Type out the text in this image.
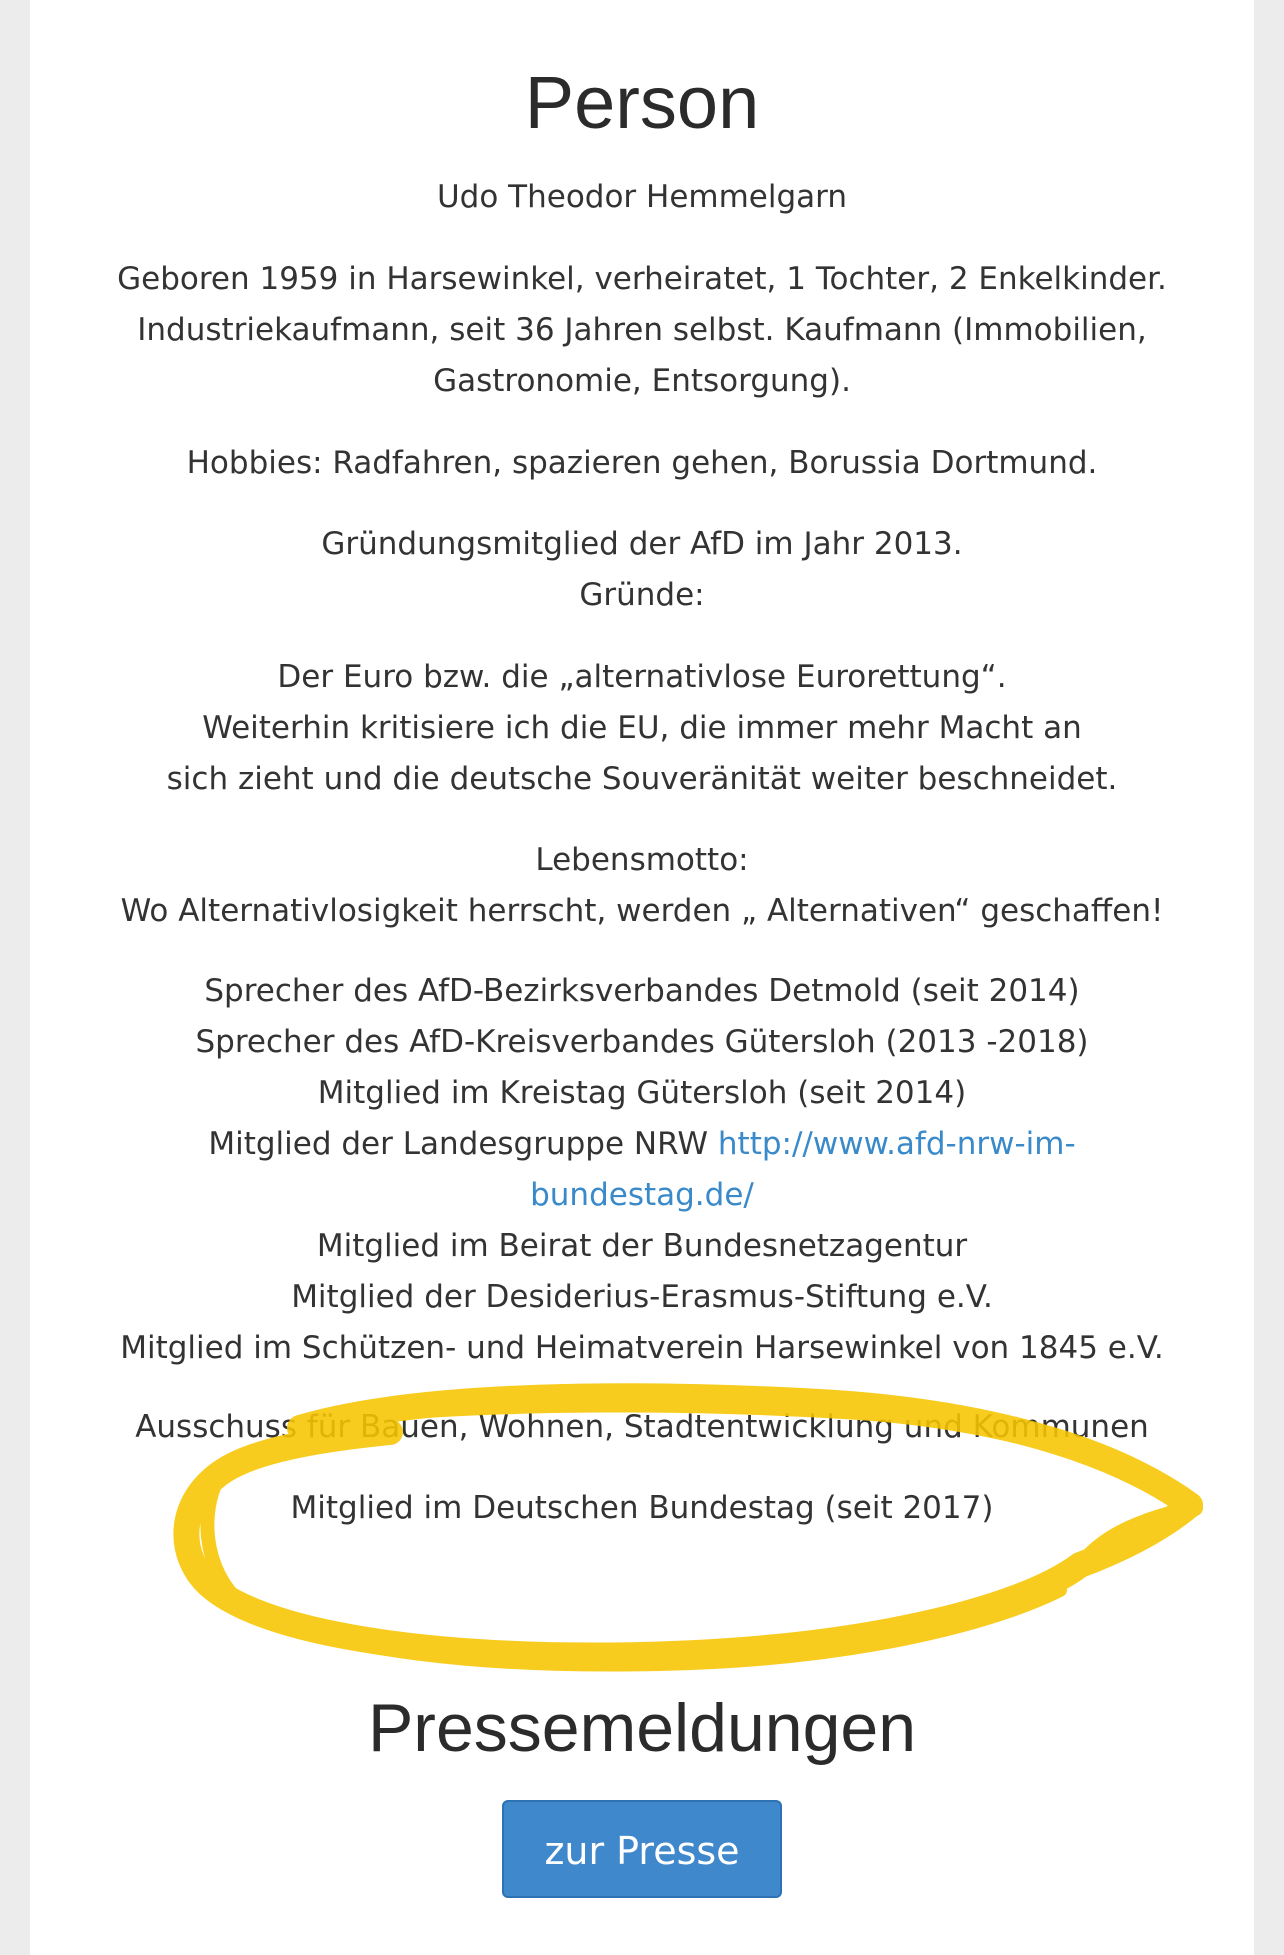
Person

Udo Theodor Hemmelgarn

Geboren 1959 in Harsewinkel, verheiratet, 1 Tochter, 2 Enkelkinder.

Industriekaufmann, seit 36 Jahren selbst. Kaufmann (Immobilien,

Gastronomie, Entsorgung).

Hobbies: Radfahren, spazieren gehen, Borussia Dortmund.

Gründungsmitglied der AfD im Jahr 2013.

Gründe:

Der Euro bzw. die „alternativlose Eurorettung“.

Weiterhin kritisiere ich die EU, die immer mehr Macht an

sich zieht und die deutsche Souveränität weiter beschneidet.

Lebensmotto:

Wo Alternativlosigkeit herrscht, werden „ Alternativen“ geschaffen!

Sprecher des AfD-Bezirksverbandes Detmold (seit 2014)

Sprecher des AfD-Kreisverbandes Gütersloh (2013 -2018)

Mitglied im Kreistag Gütersloh (seit 2014)

Mitglied der Landesgruppe NRW http://www.afd-nrw-im-

bundestag.de/

Mitglied im Beirat der Bundesnetzagentur

Mitglied der Desiderius-Erasmus-Stiftung e.V.

Mitglied im Schützen- und Heimatverein Harsewinkel von 1845 e.V.

Ausschuss für Bauen, Wohnen, Stadtentwicklung und Kommunen

Mitglied im Deutschen Bundestag (seit 2017)

Pressemeldungen
zur Presse
